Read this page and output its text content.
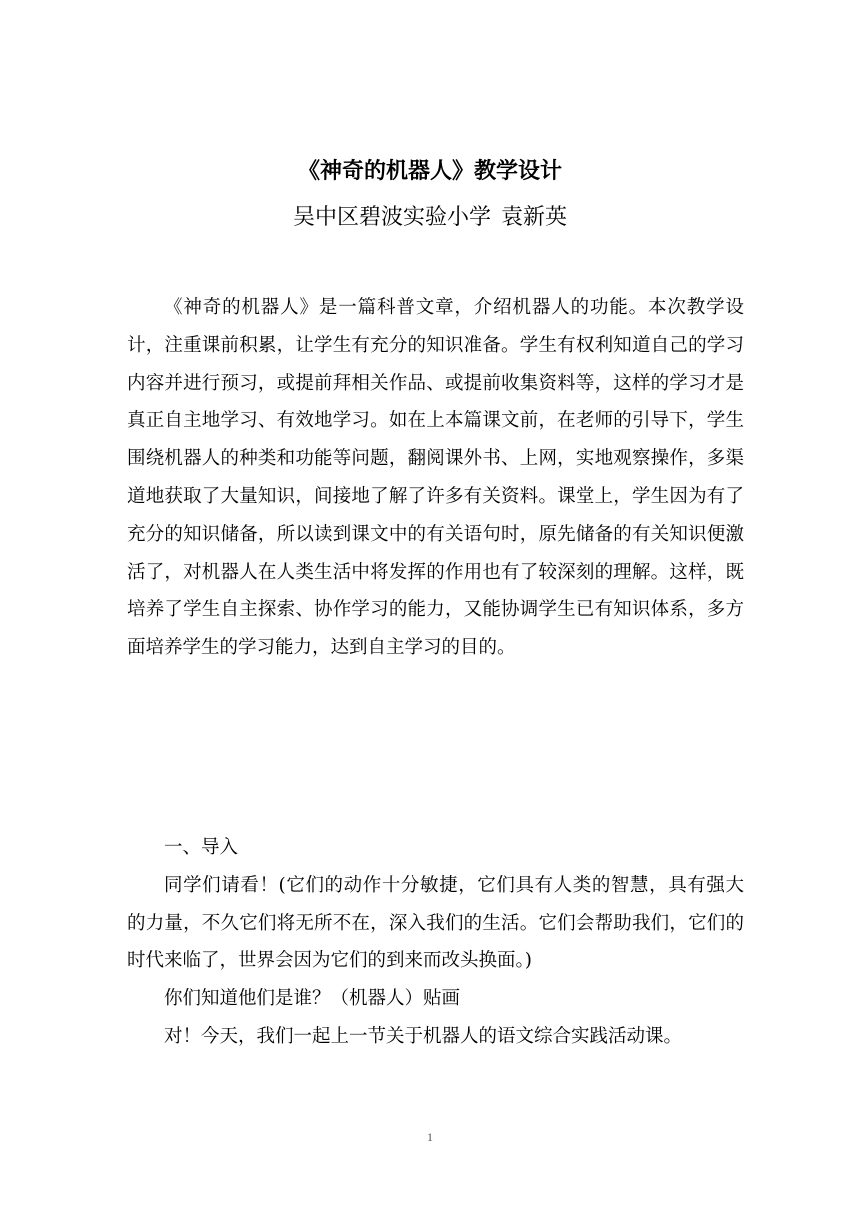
《神奇的机器人》教学设计
吴中区碧波实验小学 袁新英

《神奇的机器人》是一篇科普文章，介绍机器人的功能。本次教学设计，注重课前积累，让学生有充分的知识准备。学生有权利知道自己的学习内容并进行预习，或提前拜相关作品、或提前收集资料等，这样的学习才是真正自主地学习、有效地学习。如在上本篇课文前，在老师的引导下，学生围绕机器人的种类和功能等问题，翻阅课外书、上网，实地观察操作，多渠道地获取了大量知识，间接地了解了许多有关资料。课堂上，学生因为有了充分的知识储备，所以读到课文中的有关语句时，原先储备的有关知识便激活了，对机器人在人类生活中将发挥的作用也有了较深刻的理解。这样，既培养了学生自主探索、协作学习的能力，又能协调学生已有知识体系，多方面培养学生的学习能力，达到自主学习的目的。

一、导入

同学们请看！(它们的动作十分敏捷，它们具有人类的智慧，具有强大的力量，不久它们将无所不在，深入我们的生活。它们会帮助我们，它们的时代来临了，世界会因为它们的到来而改头换面。)

你们知道他们是谁？（机器人）贴画

对！今天，我们一起上一节关于机器人的语文综合实践活动课。

1
